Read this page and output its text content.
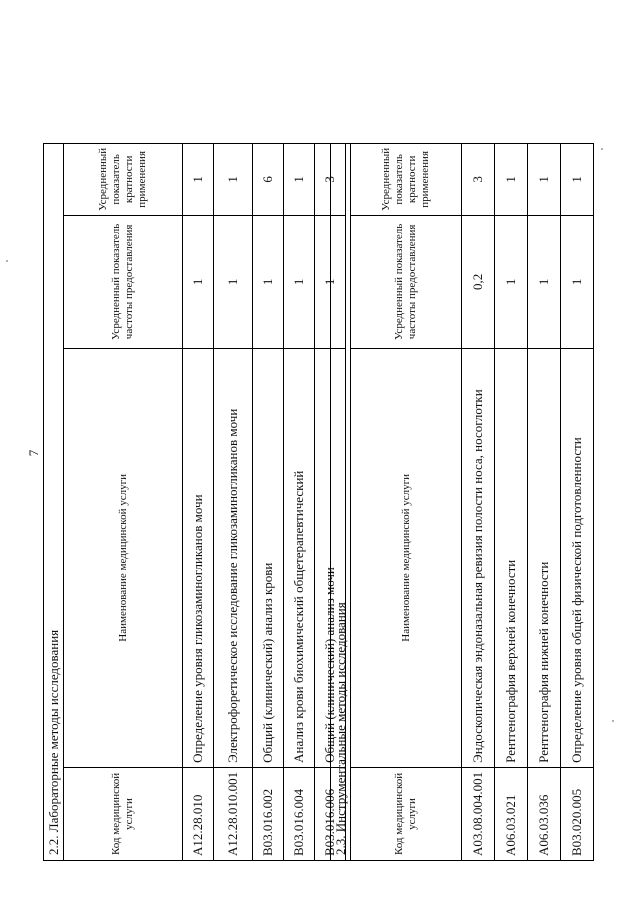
7
2.2. Лабораторные методы исследования			
Код медицинской услуги	Наименование медицинской услуги	Усредненный показатель частоты предоставления	Усредненный показатель кратности применения
A12.28.010	Определение уровня гликозаминогликанов мочи	1	1
A12.28.010.001	Электрофоретическое исследование гликозаминогликанов мочи	1	1
B03.016.002	Общий (клинический) анализ крови	1	6
B03.016.004	Анализ крови биохимический общетерапевтический	1	1
B03.016.006	Общий (клинический) анализ мочи	1	3
2.3. Инструментальные методы исследования			
Код медицинской услуги	Наименование медицинской услуги	Усредненный показатель частоты предоставления	Усредненный показатель кратности применения
A03.08.004.001	Эндоскопическая эндоназальная ревизия полости носа, носоглотки	0,2	3
A06.03.021	Рентгенография верхней конечности	1	1
A06.03.036	Рентгенография нижней конечности	1	1
B03.020.005	Определение уровня общей физической подготовленности	1	1
